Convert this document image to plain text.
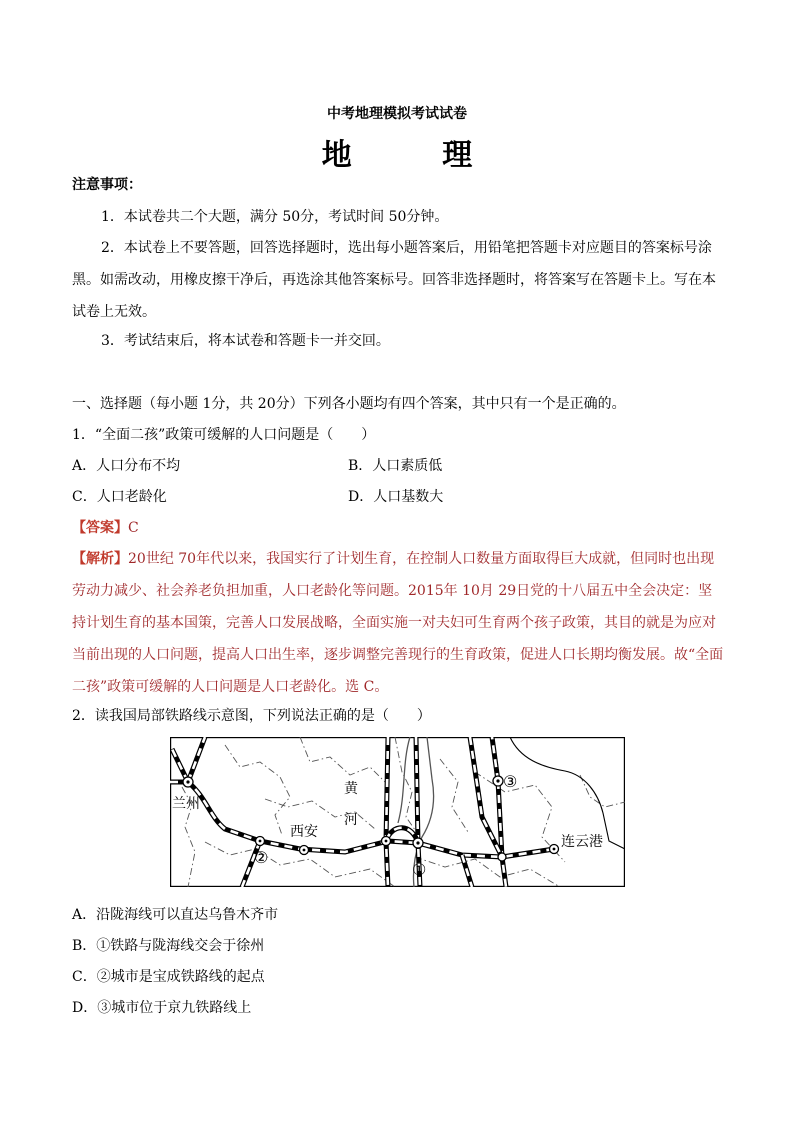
中考地理模拟考试试卷
地 理
注意事项：
1．本试卷共二个大题，满分 50分，考试时间 50分钟。
2．本试卷上不要答题，回答选择题时，选出每小题答案后，用铅笔把答题卡对应题目的答案标号涂黑。如需改动，用橡皮擦干净后，再选涂其他答案标号。回答非选择题时，将答案写在答题卡上。写在本试卷上无效。
3．考试结束后，将本试卷和答题卡一并交回。
一、选择题（每小题 1分，共 20分）下列各小题均有四个答案，其中只有一个是正确的。
1．“全面二孩”政策可缓解的人口问题是（　　）
A．人口分布不均	B．人口素质低
C．人口老龄化	D．人口基数大
【答案】C
【解析】20世纪 70年代以来，我国实行了计划生育，在控制人口数量方面取得巨大成就，但同时也出现劳动力减少、社会养老负担加重，人口老龄化等问题。2015年 10月 29日党的十八届五中全会决定：坚持计划生育的基本国策，完善人口发展战略，全面实施一对夫妇可生育两个孩子政策，其目的就是为应对当前出现的人口问题，提高人口出生率，逐步调整完善现行的生育政策，促进人口长期均衡发展。故“全面二孩”政策可缓解的人口问题是人口老龄化。选 C。
2．读我国局部铁路线示意图，下列说法正确的是（　　）
兰州
西安
黄
河
连云港
②
①
③
A．沿陇海线可以直达乌鲁木齐市
B．①铁路与陇海线交会于徐州
C．②城市是宝成铁路线的起点
D．③城市位于京九铁路线上
